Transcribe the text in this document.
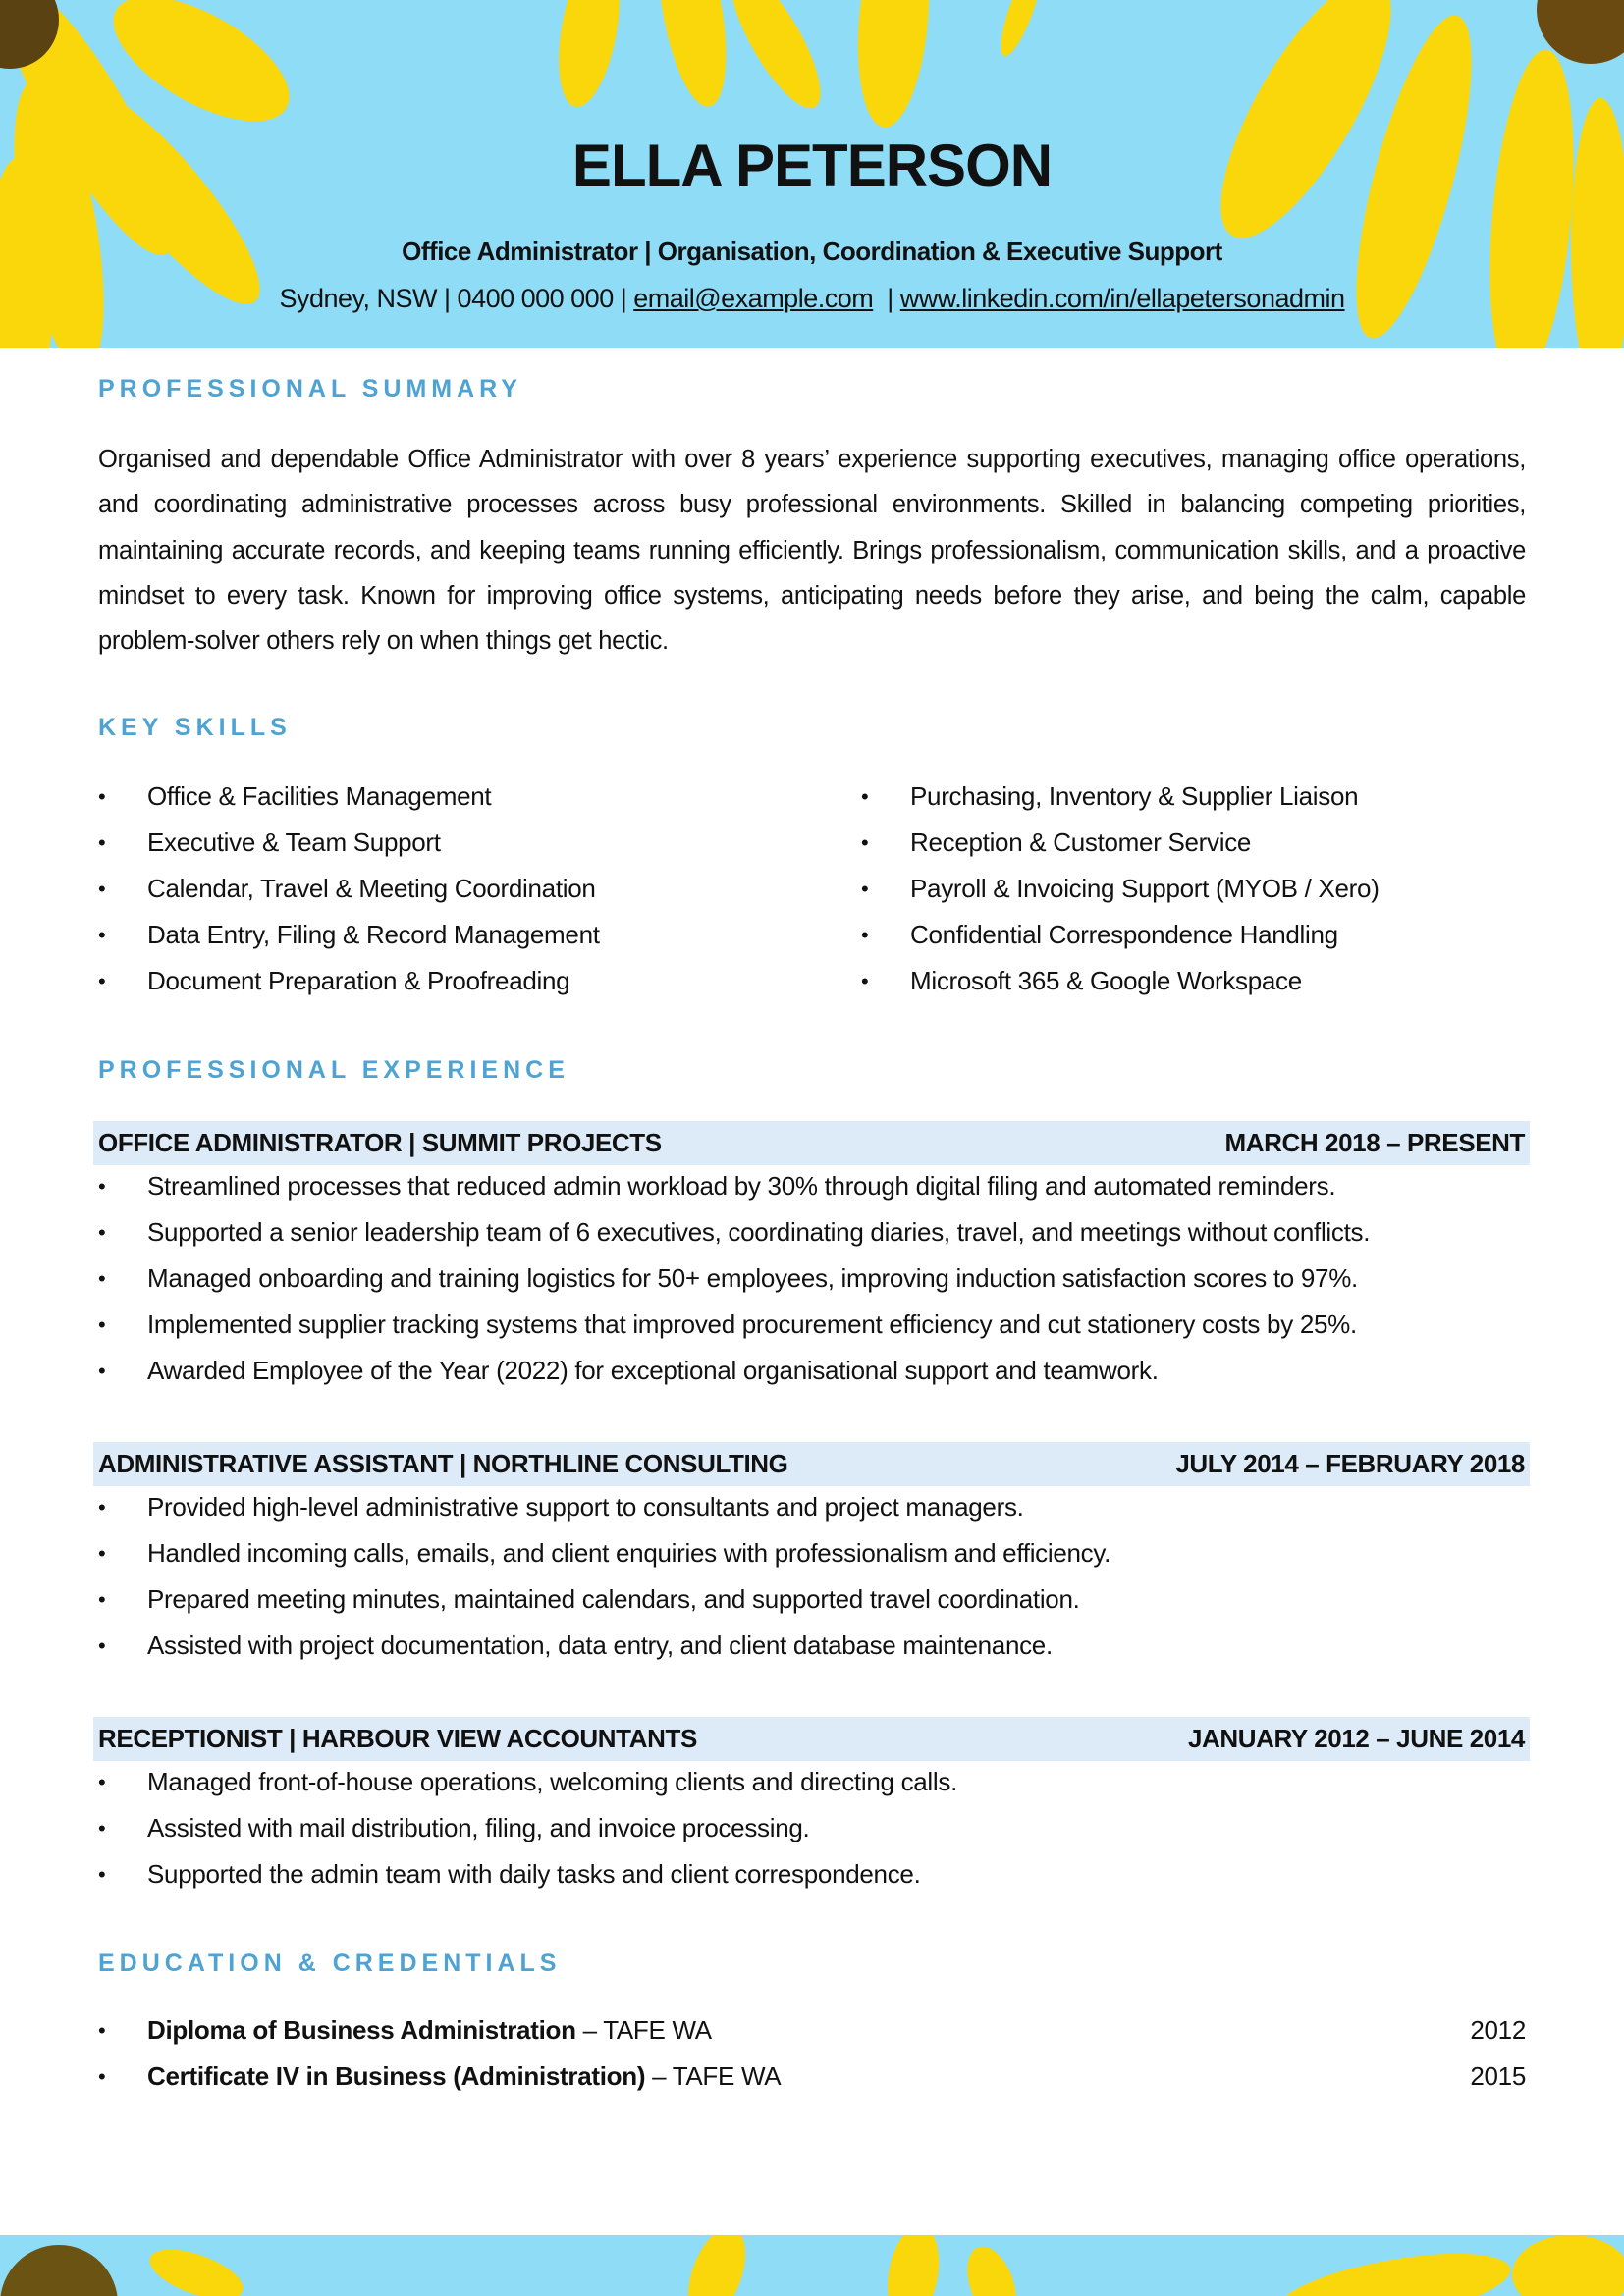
ELLA PETERSON
Office Administrator | Organisation, Coordination & Executive Support
Sydney, NSW | 0400 000 000 | email@example.com  | www.linkedin.com/in/ellapetersonadmin
PROFESSIONAL SUMMARY
Organised and dependable Office Administrator with over 8 years’ experience supporting executives, managing office operations, and coordinating administrative processes across busy professional environments. Skilled in balancing competing priorities, maintaining accurate records, and keeping teams running efficiently. Brings professionalism, communication skills, and a proactive mindset to every task. Known for improving office systems, anticipating needs before they arise, and being the calm, capable problem-solver others rely on when things get hectic.
KEY SKILLS
• Office & Facilities Management
• Executive & Team Support
• Calendar, Travel & Meeting Coordination
• Data Entry, Filing & Record Management
• Document Preparation & Proofreading
• Purchasing, Inventory & Supplier Liaison
• Reception & Customer Service
• Payroll & Invoicing Support (MYOB / Xero)
• Confidential Correspondence Handling
• Microsoft 365 & Google Workspace
PROFESSIONAL EXPERIENCE
OFFICE ADMINISTRATOR | SUMMIT PROJECTS	MARCH 2018 – PRESENT
• Streamlined processes that reduced admin workload by 30% through digital filing and automated reminders.
• Supported a senior leadership team of 6 executives, coordinating diaries, travel, and meetings without conflicts.
• Managed onboarding and training logistics for 50+ employees, improving induction satisfaction scores to 97%.
• Implemented supplier tracking systems that improved procurement efficiency and cut stationery costs by 25%.
• Awarded Employee of the Year (2022) for exceptional organisational support and teamwork.
ADMINISTRATIVE ASSISTANT | NORTHLINE CONSULTING	JULY 2014 – FEBRUARY 2018
• Provided high-level administrative support to consultants and project managers.
• Handled incoming calls, emails, and client enquiries with professionalism and efficiency.
• Prepared meeting minutes, maintained calendars, and supported travel coordination.
• Assisted with project documentation, data entry, and client database maintenance.
RECEPTIONIST | HARBOUR VIEW ACCOUNTANTS	JANUARY 2012 – JUNE 2014
• Managed front-of-house operations, welcoming clients and directing calls.
• Assisted with mail distribution, filing, and invoice processing.
• Supported the admin team with daily tasks and client correspondence.
EDUCATION & CREDENTIALS
• Diploma of Business Administration – TAFE WA	2012
• Certificate IV in Business (Administration) – TAFE WA	2015
